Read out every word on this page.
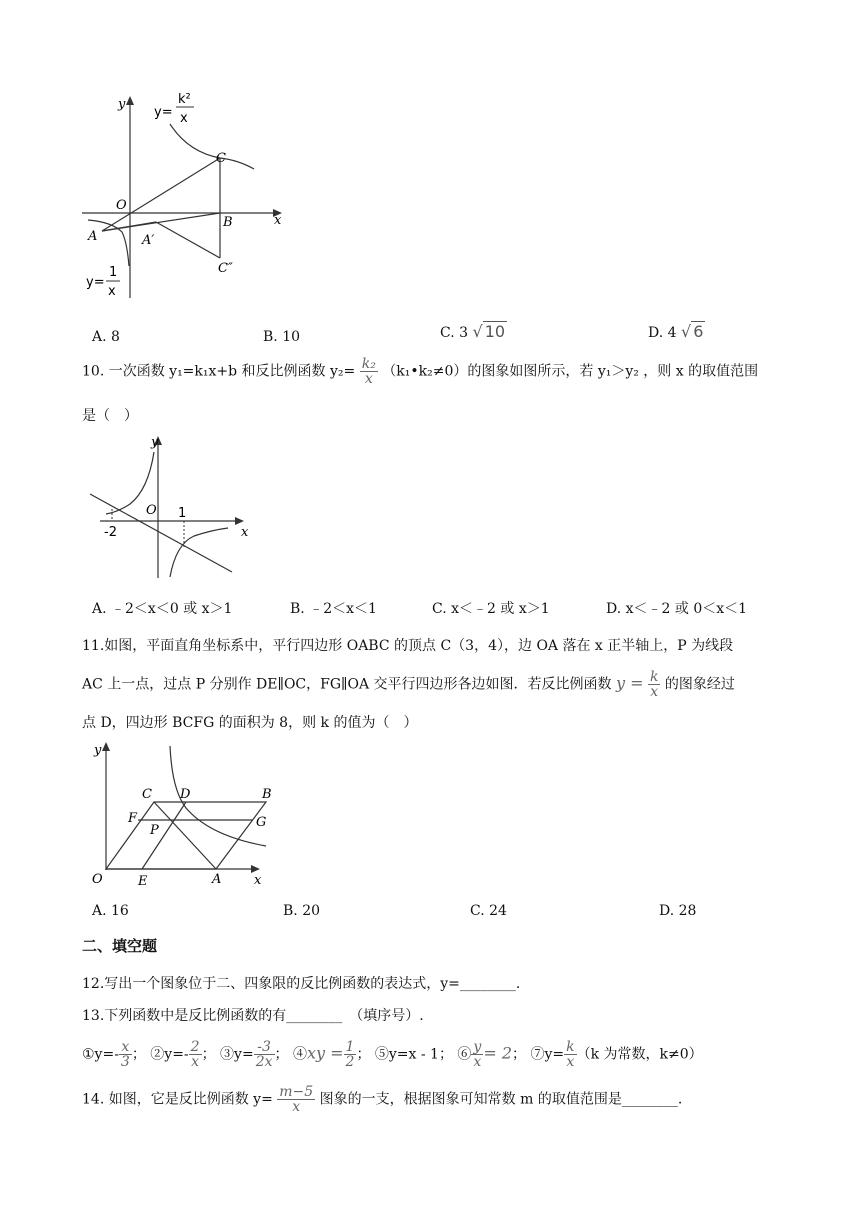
y
x
O
A	A′
B
C
C″
y=
k²
x
y=
1
x
A. 8	B. 10	C. 3 √ 10	D. 4 √ 6
10. 一次函数 y₁=k₁x+b 和反比例函数 $y_2= \frac{\text{k₂}}{x}$ （k₁•k₂≠0）的图象如图所示，若 y₁＞y₂ ，则 x 的取值范围
是（　）
y
x
O
-2
1
A. ﹣2＜x＜0 或 x＞1	B. ﹣2＜x＜1	C. x＜﹣2 或 x＞1	D. x＜﹣2 或 0＜x＜1
11.如图，平面直角坐标系中，平行四边形 OABC 的顶点 C（3，4），边 OA 落在 x 正半轴上，P 为线段
AC 上一点，过点 P 分别作 DE∥OC，FG∥OA 交平行四边形各边如图．若反比例函数 $y = \frac{k}{x}$ 的图象经过
点 D，四边形 BCFG 的面积为 8，则 k 的值为（　）
y
x
O	E	A
C D	B
F
P
G
A. 16	B. 20	C. 24	D. 28
二、填空题
12.写出一个图象位于二、四象限的反比例函数的表达式，y=________.
13.下列函数中是反比例函数的有________　（填序号）.
①y=- $\frac{x}{3}$ ； ②y=- $\frac{2}{x}$ ； ③y= $\frac{-3}{2x}$ ； ④xy = $\frac{1}{2}$ ； ⑤y=x - 1； ⑥ $\frac{y}{x} = 2$； ⑦y= $\frac{k}{x} (k$ 为常数，k≠0）
14. 如图，它是反比例函数 $y= \frac{m-5}{x}$ 图象的一支，根据图象可知常数 m 的取值范围是________.
